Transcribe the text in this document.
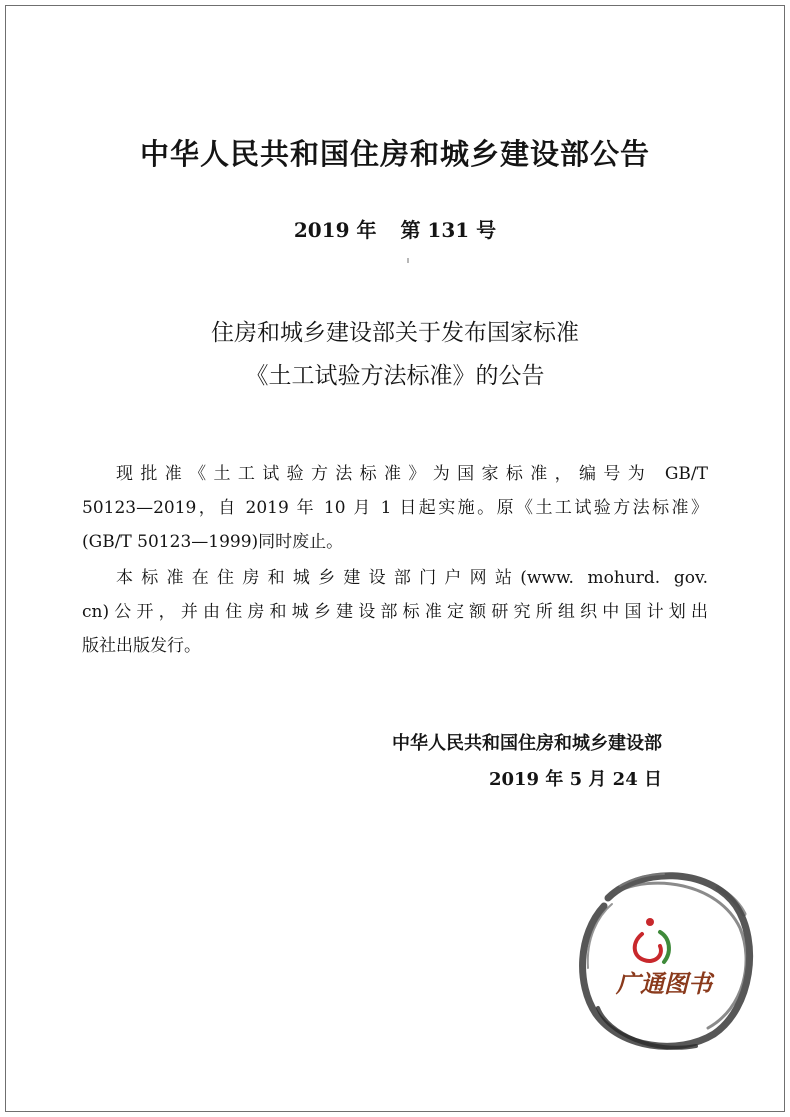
中华人民共和国住房和城乡建设部公告
2019 年 第 131 号
住房和城乡建设部关于发布国家标准
《土工试验方法标准》的公告
现批准《土工试验方法标准》为国家标准，编号为 GB/T
50123—2019，自 2019 年 10 月 1 日起实施。原《土工试验方法标准》
(GB/T 50123—1999)同时废止。
本标准在住房和城乡建设部门户网站(www. mohurd. gov.
cn)公开，并由住房和城乡建设部标准定额研究所组织中国计划出
版社出版发行。
中华人民共和国住房和城乡建设部
2019 年 5 月 24 日
广通图书
